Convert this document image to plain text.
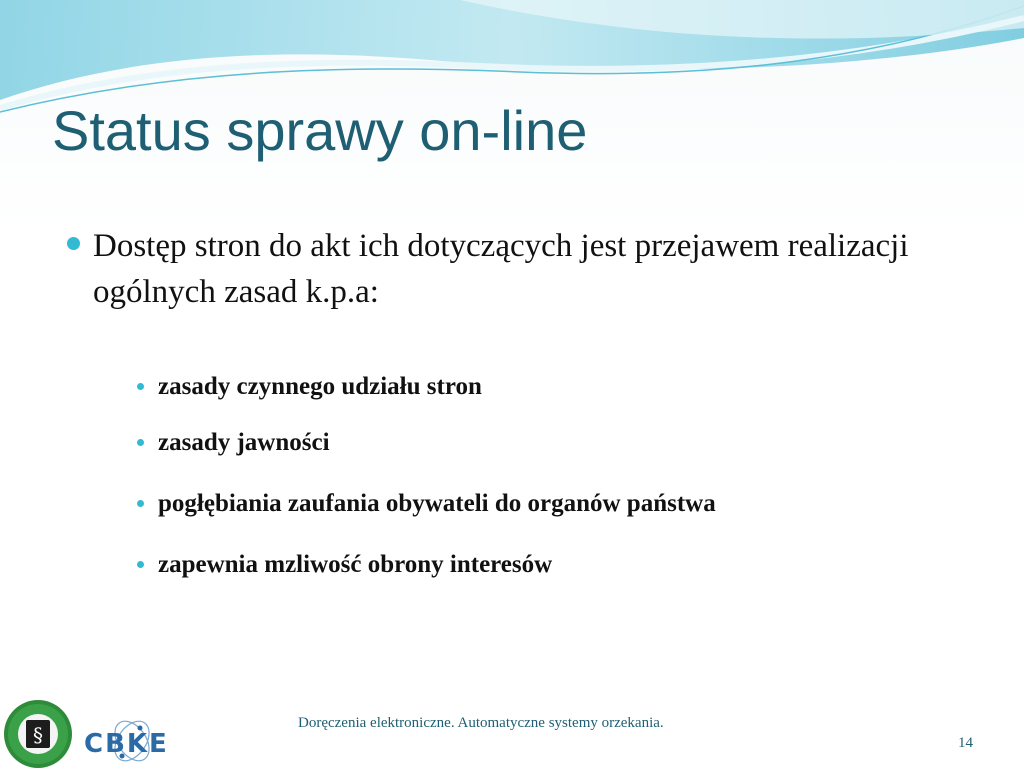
Status sprawy on-line
Dostęp stron do akt ich dotyczących jest przejawem realizacji ogólnych zasad k.p.a:
zasady czynnego udziału stron
zasady jawności
pogłębiania zaufania obywateli do organów państwa
zapewnia mzliwość obrony interesów
§ CBKE
Doręczenia elektroniczne. Automatyczne systemy orzekania.
14
